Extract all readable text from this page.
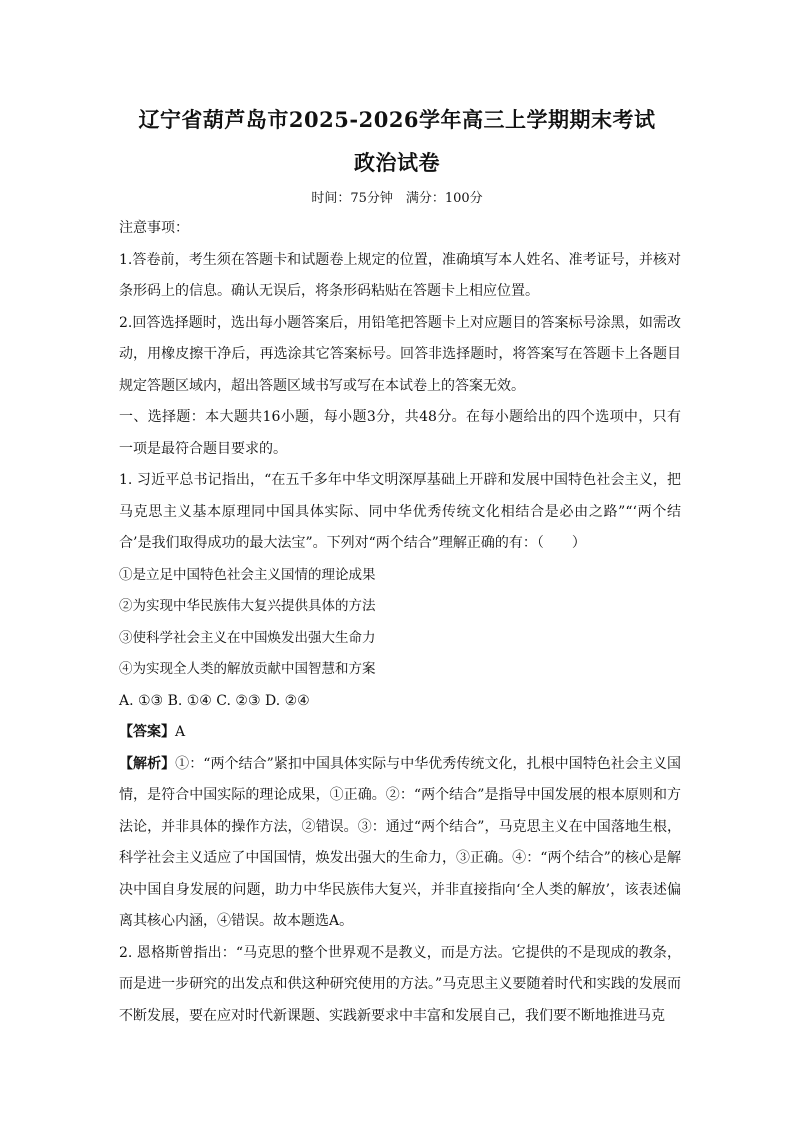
辽宁省葫芦岛市2025-2026学年高三上学期期末考试
政治试卷
时间：75分钟　满分：100分

注意事项：

1.答卷前，考生须在答题卡和试题卷上规定的位置，准确填写本人姓名、准考证号，并核对条形码上的信息。确认无误后，将条形码粘贴在答题卡上相应位置。

2.回答选择题时，选出每小题答案后，用铅笔把答题卡上对应题目的答案标号涂黑，如需改动，用橡皮擦干净后，再选涂其它答案标号。回答非选择题时，将答案写在答题卡上各题目规定答题区域内，超出答题区域书写或写在本试卷上的答案无效。

一、选择题：本大题共16小题，每小题3分，共48分。在每小题给出的四个选项中，只有一项是最符合题目要求的。

1. 习近平总书记指出，“在五千多年中华文明深厚基础上开辟和发展中国特色社会主义，把马克思主义基本原理同中国具体实际、同中华优秀传统文化相结合是必由之路”“‘两个结合’是我们取得成功的最大法宝”。下列对“两个结合”理解正确的有：（　　）

①是立足中国特色社会主义国情的理论成果

②为实现中华民族伟大复兴提供具体的方法

③使科学社会主义在中国焕发出强大生命力

④为实现全人类的解放贡献中国智慧和方案

A. ①③ B. ①④ C. ②③ D. ②④

【答案】A

【解析】①：“两个结合”紧扣中国具体实际与中华优秀传统文化，扎根中国特色社会主义国情，是符合中国实际的理论成果，①正确。②：“两个结合”是指导中国发展的根本原则和方法论，并非具体的操作方法，②错误。③：通过“两个结合”，马克思主义在中国落地生根，科学社会主义适应了中国国情，焕发出强大的生命力，③正确。④：“两个结合”的核心是解决中国自身发展的问题，助力中华民族伟大复兴，并非直接指向‘全人类的解放’，该表述偏离其核心内涵，④错误。故本题选A。

2. 恩格斯曾指出：“马克思的整个世界观不是教义，而是方法。它提供的不是现成的教条，而是进一步研究的出发点和供这种研究使用的方法。”马克思主义要随着时代和实践的发展而不断发展，要在应对时代新课题、实践新要求中丰富和发展自己，我们要不断地推进马克
